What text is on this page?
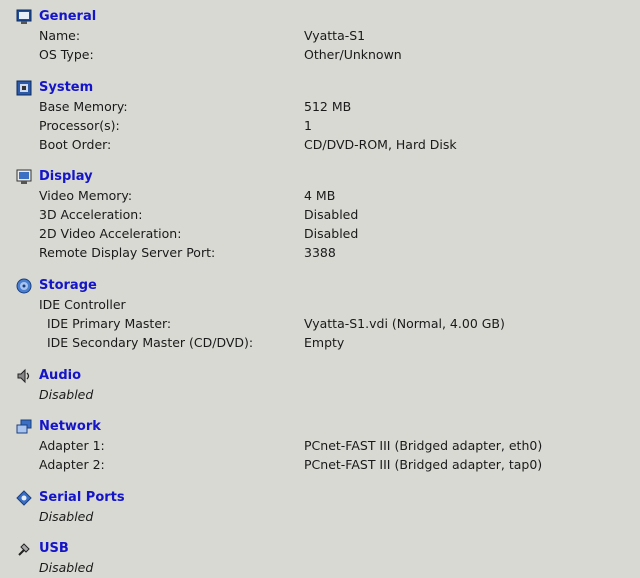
General
Name:	Vyatta-S1
OS Type:	Other/Unknown
System
Base Memory:	512 MB
Processor(s):	1
Boot Order:	CD/DVD-ROM, Hard Disk
Display
Video Memory:	4 MB
3D Acceleration:	Disabled
2D Video Acceleration:	Disabled
Remote Display Server Port:	3388
Storage
IDE Controller
IDE Primary Master:	Vyatta-S1.vdi (Normal, 4.00 GB)
IDE Secondary Master (CD/DVD):	Empty
Audio
Disabled
Network
Adapter 1:	PCnet-FAST III (Bridged adapter, eth0)
Adapter 2:	PCnet-FAST III (Bridged adapter, tap0)
Serial Ports
Disabled
USB
Disabled
